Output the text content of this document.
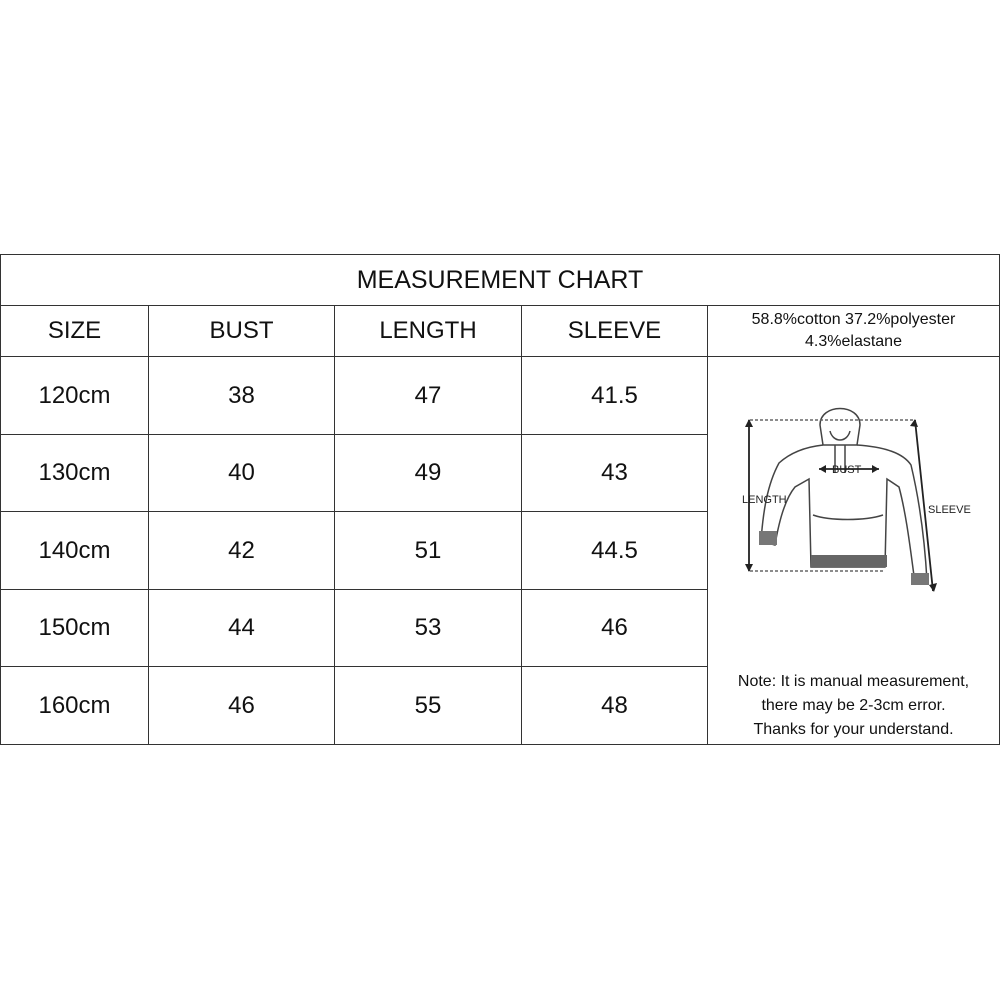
MEASUREMENT CHART
SIZE	BUST	LENGTH	SLEEVE	58.8%cotton 37.2%polyester
4.3%elastane
120cm	38	47	41.5
130cm	40	49	43
140cm	42	51	44.5
150cm	44	53	46
160cm	46	55	48
Note: It is manual measurement,
there may be 2-3cm error.
Thanks for your understand.
BUST
LENGTH
SLEEVE
